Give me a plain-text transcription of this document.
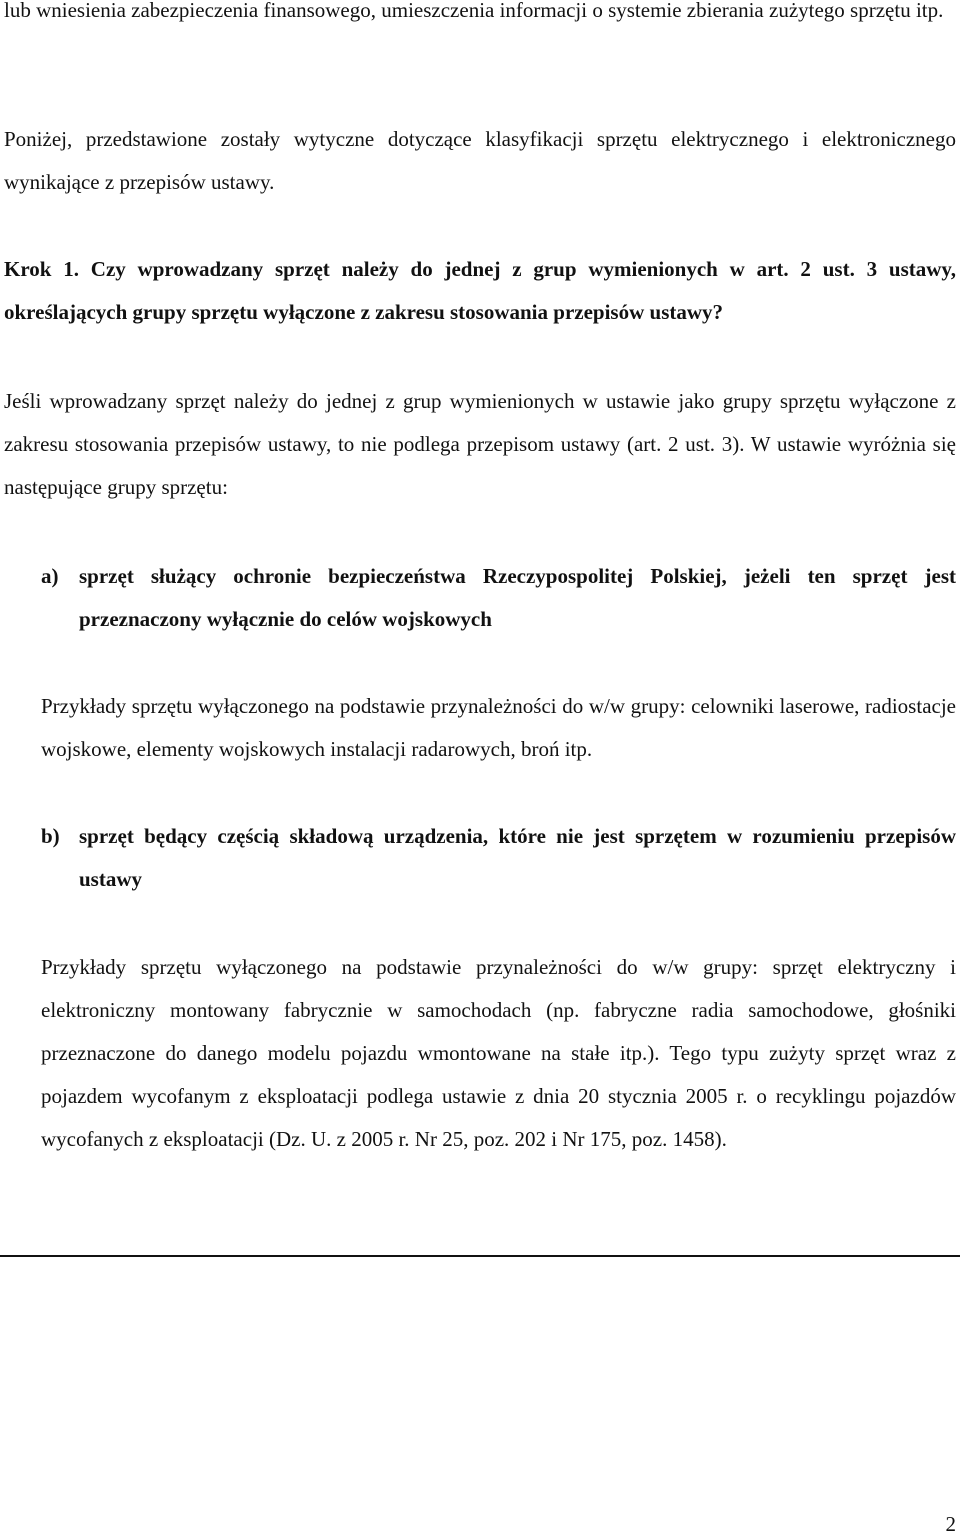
lub wniesienia zabezpieczenia finansowego, umieszczenia informacji o systemie zbierania zużytego sprzętu itp.

Poniżej, przedstawione zostały wytyczne dotyczące klasyfikacji sprzętu elektrycznego i elektronicznego wynikające z przepisów ustawy.

Krok 1. Czy wprowadzany sprzęt należy do jednej z grup wymienionych w art. 2 ust. 3 ustawy, określających grupy sprzętu wyłączone z zakresu stosowania przepisów ustawy?

Jeśli wprowadzany sprzęt należy do jednej z grup wymienionych w ustawie jako grupy sprzętu wyłączone z zakresu stosowania przepisów ustawy, to nie podlega przepisom ustawy (art. 2 ust. 3). W ustawie wyróżnia się następujące grupy sprzętu:

a) sprzęt służący ochronie bezpieczeństwa Rzeczypospolitej Polskiej, jeżeli ten sprzęt jest przeznaczony wyłącznie do celów wojskowych

Przykłady sprzętu wyłączonego na podstawie przynależności do w/w grupy: celowniki laserowe, radiostacje wojskowe, elementy wojskowych instalacji radarowych, broń itp.

b) sprzęt będący częścią składową urządzenia, które nie jest sprzętem w rozumieniu przepisów ustawy

Przykłady sprzętu wyłączonego na podstawie przynależności do w/w grupy: sprzęt elektryczny i elektroniczny montowany fabrycznie w samochodach (np. fabryczne radia samochodowe, głośniki przeznaczone do danego modelu pojazdu wmontowane na stałe itp.). Tego typu zużyty sprzęt wraz z pojazdem wycofanym z eksploatacji podlega ustawie z dnia 20 stycznia 2005 r. o recyklingu pojazdów wycofanych z eksploatacji (Dz. U. z 2005 r. Nr 25, poz. 202 i Nr 175, poz. 1458).

2
